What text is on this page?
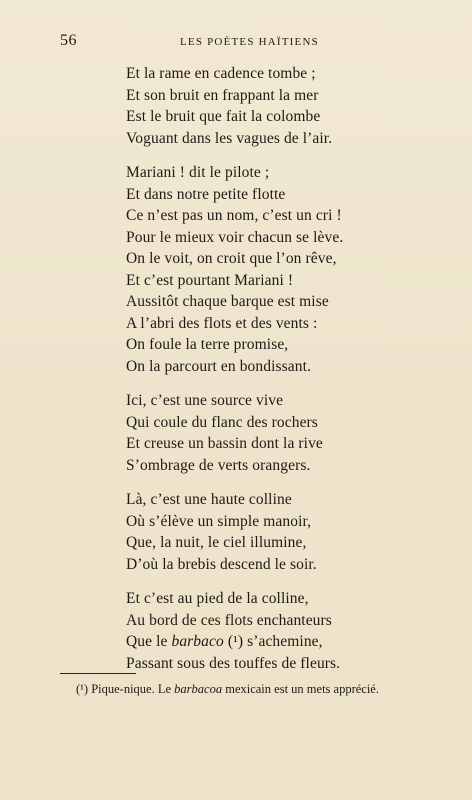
56	LES POÈTES HAÏTIENS
Et la rame en cadence tombe ;
Et son bruit en frappant la mer
Est le bruit que fait la colombe
Voguant dans les vagues de l’air.
Mariani ! dit le pilote ;
Et dans notre petite flotte
Ce n’est pas un nom, c’est un cri !
Pour le mieux voir chacun se lève.
On le voit, on croit que l’on rêve,
Et c’est pourtant Mariani !
Aussitôt chaque barque est mise
A l’abri des flots et des vents :
On foule la terre promise,
On la parcourt en bondissant.
Ici, c’est une source vive
Qui coule du flanc des rochers
Et creuse un bassin dont la rive
S’ombrage de verts orangers.
Là, c’est une haute colline
Où s’élève un simple manoir,
Que, la nuit, le ciel illumine,
D’où la brebis descend le soir.
Et c’est au pied de la colline,
Au bord de ces flots enchanteurs
Que le barbaco (¹) s’achemine,
Passant sous des touffes de fleurs.
(¹) Pique-nique. Le barbacoa mexicain est un mets apprécié.
